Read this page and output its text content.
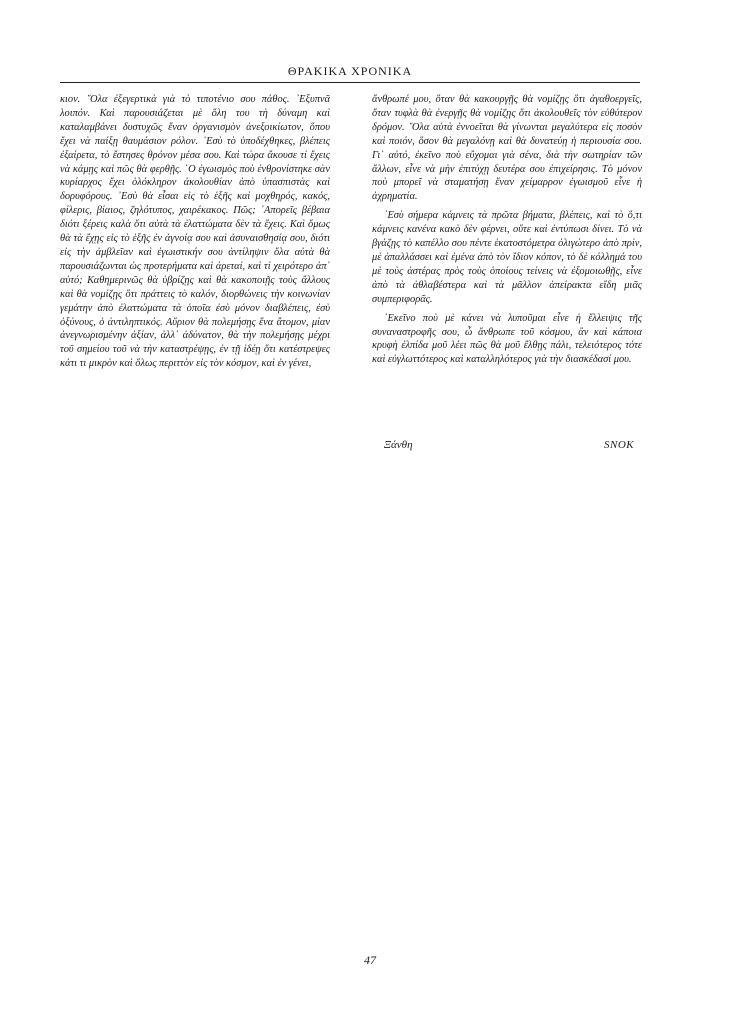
ΘΡΑΚΙΚΑ ΧΡΟΝΙΚΑ

κιον. ῞Ολα ἐξεγερτικὰ γιὰ τὸ τιποτένιο σου πάθος. ᾿Εξυπνᾶ λοιπόν. Καὶ παρουσιάζεται μὲ ὅλη του τὴ δύναμη καὶ καταλαμβάνει δυστυχῶς ἕναν ὀργανισμὸν ἀνεξοικίωτον, ὅπου ἔχει νὰ παίξῃ θαυμάσιον ρόλον. ᾿Εσὺ τὸ ὑποδέχθηκες, βλέπεις ἐξαίρετα, τὸ ἔστησες θρόνον μέσα σου. Καὶ τώρα ἄκουσε τί ἔχεις νὰ κάμῃς καὶ πῶς θὰ φερθῇς. ῾Ο ἐγωισμὸς ποὺ ἐνθρονίστηκε σὰν κυρίαρχος ἔχει ὁλόκληρον ἀκολουθίαν ἀπὸ ὑπασπιστὰς καὶ δορυφόρους. ᾿Εσὺ θὰ εἶσαι εἰς τὸ ἑξῆς καὶ μοχθηρός, κακός, φίλερις, βίαιος, ζηλότυπος, χαιρέκακος. Πῶς; ᾿Απορεῖς βέβαια διότι ξέρεις καλὰ ὅτι αὐτὰ τὰ ἐλαττώματα δὲν τὰ ἔχεις. Καὶ ὅμως θὰ τὰ ἔχῃς εἰς τὸ ἑξῆς ἐν ἀγνοίᾳ σου καὶ ἀσυναισθησίᾳ σου, διότι εἰς τὴν ἀμβλεῖαν καὶ ἐγωιστικήν σου ἀντίληψιν ὅλα αὐτὰ θὰ παρουσιάζωνται ὡς προτερήματα καὶ ἀρεταί, καὶ τί χειρότερο ἀπ᾿ αὐτό; Καθημερινῶς θὰ ὑβρίζῃς καὶ θὰ κακοποιῇς τοὺς ἄλλους καὶ θὰ νομίζῃς ὅτι πράττεις τὸ καλόν, διορθώνεις τὴν κοινωνίαν γεμάτην ἀπὸ ἐλαττώματα τὰ ὁποῖα ἐσὺ μόνον διαβλέπεις, ἐσὺ ὀξύνους, ὁ ἀντιληπτικός. Αὔριον θὰ πολεμήσῃς ἕνα ἄτομον, μίαν ἀνεγνωρισμένην ἀξίαν, ἀλλ᾿ ἀδύνατον, θὰ τὴν πολεμήσῃς μέχρι τοῦ σημείου τοῦ νὰ τὴν καταστρέψῃς, ἐν τῇ ἰδέῃ ὅτι κατέστρεψες κάτι τι μικρὸν καὶ ὅλως περιττὸν εἰς τὸν κόσμον, καὶ ἐν γένει,

ἄνθρωπέ μου, ὅταν θὰ κακουργῇς θὰ νομίζῃς ὅτι ἀγαθοεργεῖς, ὅταν τυφλὰ θὰ ἐνεργῇς θὰ νομίζῃς ὅτι ἀκολουθεῖς τὸν εὐθύτερον δρόμον. ῞Ολα αὐτὰ ἐννοεῖται θὰ γίνωνται μεγαλύτερα εἰς ποσὸν καὶ ποιόν, ὅσον θὰ μεγαλόνῃ καὶ θὰ δυνατεύῃ ἡ περιουσία σου. Γι᾿ αὐτό, ἐκεῖνο ποὺ εὔχομαι γιὰ σένα, διὰ τὴν σωτηρίαν τῶν ἄλλων, εἶνε νὰ μὴν ἐπιτύχῃ δευτέρα σου ἐπιχείρησις. Τὸ μόνον ποὺ μπορεῖ νὰ σταματήσῃ ἕναν χείμαρρον ἐγωισμοῦ εἶνε ἡ ἀχρηματία.

᾿Εσὺ σήμερα κάμνεις τὰ πρῶτα βήματα, βλέπεις, καὶ τὸ ὅ,τι κάμνεις κανένα κακὸ δὲν φέρνει, οὔτε καὶ ἐντύπωσι δίνει. Τὸ νὰ βγάζῃς τὸ καπέλλο σου πέντε ἑκατοστόμετρα ὀλιγώτερο ἀπὸ πρίν, μὲ ἀπαλλάσσει καὶ ἐμένα ἀπὸ τὸν ἴδιον κόπον, τὸ δὲ κόλλημά του μὲ τοὺς ἀστέρας πρὸς τοὺς ὁποίους τείνεις νὰ ἐξομοιωθῇς, εἶνε ἀπὸ τὰ ἀθλαβέστερα καὶ τὰ μᾶλλον ἀπείρακτα εἴδη μιᾶς συμπεριφορᾶς.

᾿Εκεῖνο ποὺ μὲ κάνει νὰ λυποῦμαι εἶνε ἡ ἔλλειψις τῆς συναναστροφῆς σου, ὦ ἄνθρωπε τοῦ κόσμου, ἂν καὶ κάποια κρυφὴ ἐλπίδα μοῦ λέει πῶς θὰ μοῦ ἔλθῃς πάλι, τελειότερος τότε καὶ εὐγλωττότερος καὶ καταλληλότερος γιὰ τὴν διασκέδασί μου.

Ξάνθη	SNOK
47
